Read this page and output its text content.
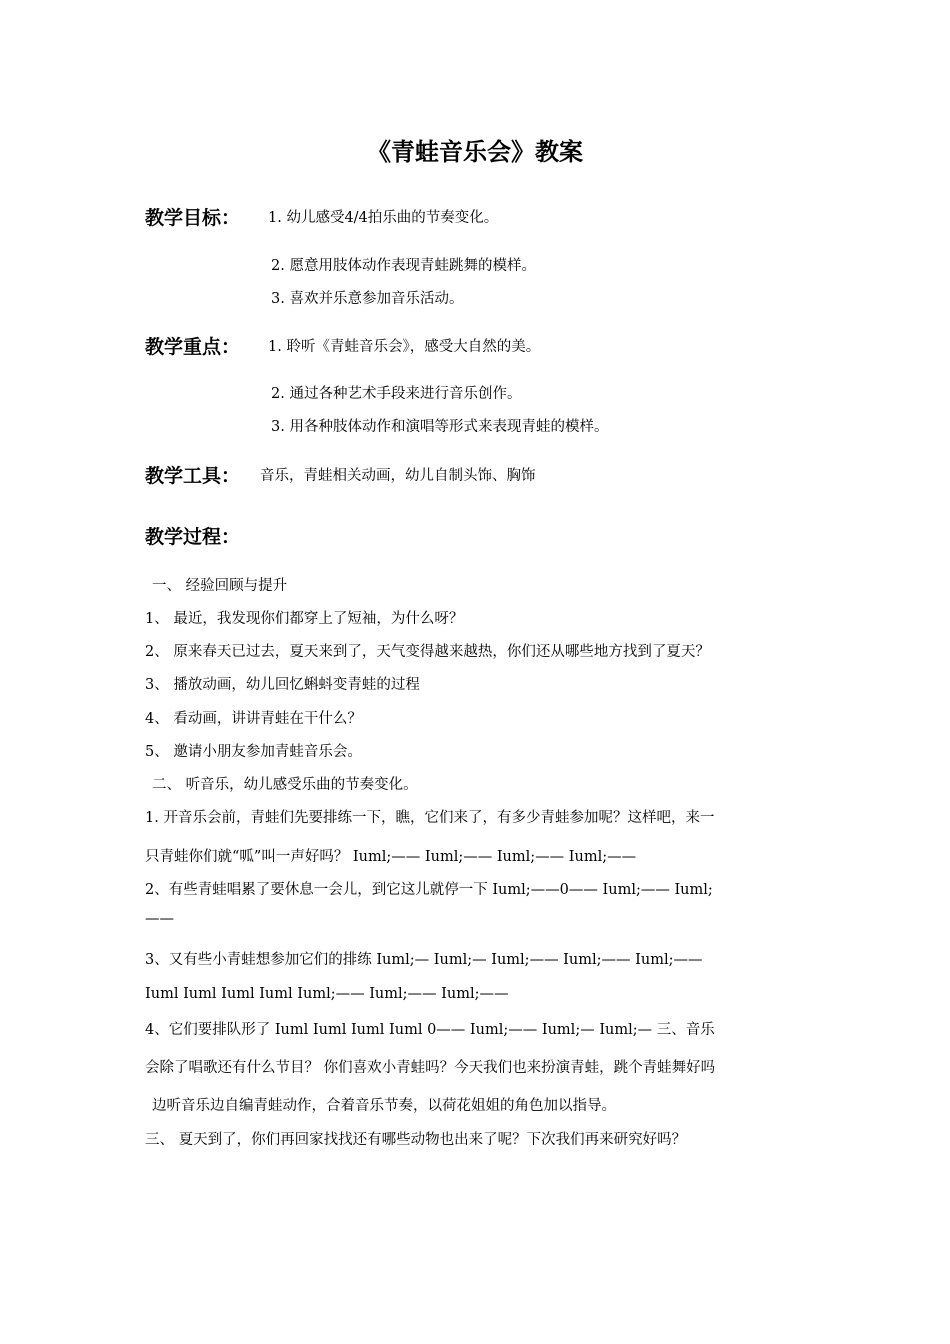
《青蛙音乐会》教案
教学目标： 1. 幼儿感受4/4拍乐曲的节奏变化。
2. 愿意用肢体动作表现青蛙跳舞的模样。
3. 喜欢并乐意参加音乐活动。
教学重点： 1. 聆听《青蛙音乐会》，感受大自然的美。
2. 通过各种艺术手段来进行音乐创作。
3. 用各种肢体动作和演唱等形式来表现青蛙的模样。
教学工具： 音乐，青蛙相关动画，幼儿自制头饰、胸饰
教学过程：
一、 经验回顾与提升
1、 最近，我发现你们都穿上了短袖，为什么呀？
2、 原来春天已过去，夏天来到了，天气变得越来越热，你们还从哪些地方找到了夏天？
3、 播放动画，幼儿回忆蝌蚪变青蛙的过程
4、 看动画，讲讲青蛙在干什么？
5、 邀请小朋友参加青蛙音乐会。
二、 听音乐，幼儿感受乐曲的节奏变化。
1. 开音乐会前，青蛙们先要排练一下，瞧，它们来了，有多少青蛙参加呢？这样吧，来一
只青蛙你们就“呱”叫一声好吗？ Iuml;—— Iuml;—— Iuml;—— Iuml;——
2、有些青蛙唱累了要休息一会儿，到它这儿就停一下 Iuml;——0—— Iuml;—— Iuml;
——
3、又有些小青蛙想参加它们的排练 Iuml;— Iuml;— Iuml;—— Iuml;—— Iuml;——
Iuml Iuml Iuml Iuml Iuml;—— Iuml;—— Iuml;——
4、它们要排队形了 Iuml Iuml Iuml Iuml 0—— Iuml;—— Iuml;— Iuml;— 三、音乐
会除了唱歌还有什么节目？ 你们喜欢小青蛙吗？今天我们也来扮演青蛙，跳个青蛙舞好吗
边听音乐边自编青蛙动作，合着音乐节奏，以荷花姐姐的角色加以指导。
三、 夏天到了，你们再回家找找还有哪些动物也出来了呢？下次我们再来研究好吗？
